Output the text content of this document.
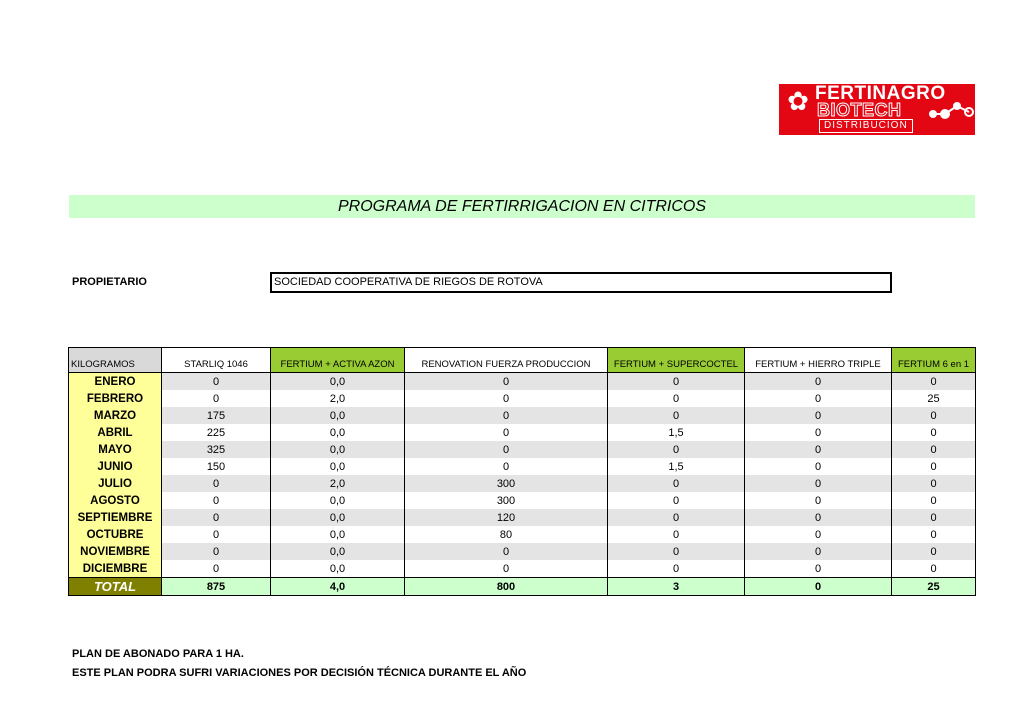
✿ FERTINAGRO
BIOTECH
DISTRIBUCION
PROGRAMA DE FERTIRRIGACION EN CITRICOS
PROPIETARIO	SOCIEDAD COOPERATIVA DE RIEGOS DE ROTOVA
KILOGRAMOS	STARLIQ 1046	FERTIUM + ACTIVA AZON	RENOVATION FUERZA PRODUCCION	FERTIUM + SUPERCOCTEL	FERTIUM + HIERRO TRIPLE	FERTIUM 6 en 1
ENERO	0	0,0	0	0	0	0
FEBRERO	0	2,0	0	0	0	25
MARZO	175	0,0	0	0	0	0
ABRIL	225	0,0	0	1,5	0	0
MAYO	325	0,0	0	0	0	0
JUNIO	150	0,0	0	1,5	0	0
JULIO	0	2,0	300	0	0	0
AGOSTO	0	0,0	300	0	0	0
SEPTIEMBRE	0	0,0	120	0	0	0
OCTUBRE	0	0,0	80	0	0	0
NOVIEMBRE	0	0,0	0	0	0	0
DICIEMBRE	0	0,0	0	0	0	0
TOTAL	875	4,0	800	3	0	25
PLAN DE ABONADO PARA 1 HA.
ESTE PLAN PODRA SUFRI VARIACIONES POR DECISIÓN TÉCNICA DURANTE EL AÑO
